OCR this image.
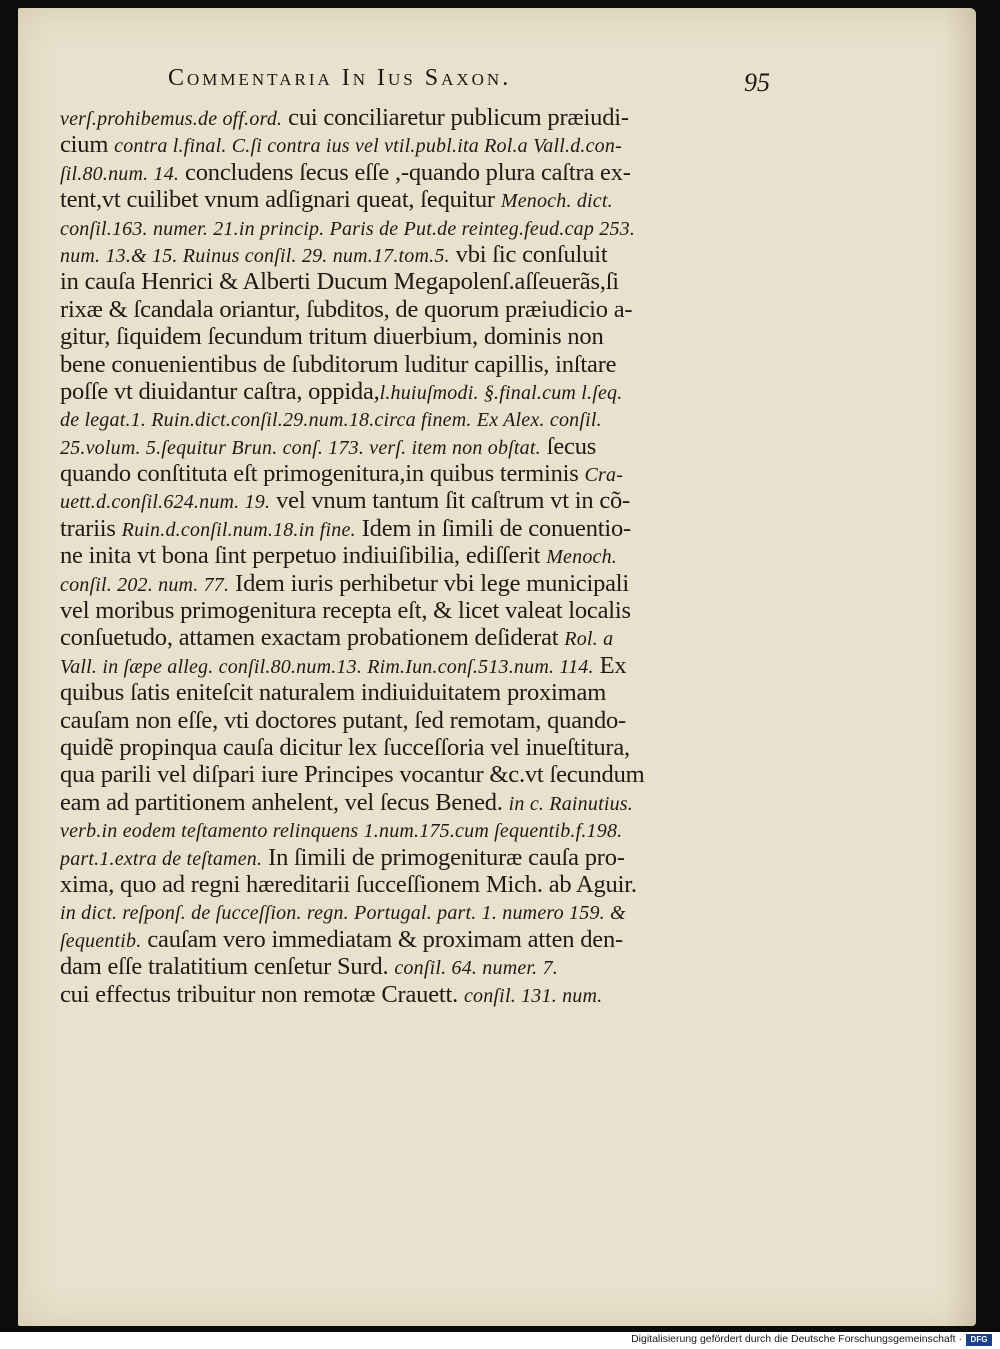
Commentaria In Ius Saxon.	95
verſ.prohibemus.de off.ord. cui conciliaretur publicum præiudi-
cium contra l.final. C.ſi contra ius vel vtil.publ.ita Rol.a Vall.d.con-
ſil.80.num. 14. concludens ſecus eſſe ,-quando plura caſtra ex-
tent,vt cuilibet vnum adſignari queat, ſequitur Menoch. dict.
conſil.163. numer. 21.in princip. Paris de Put.de reinteg.feud.cap 253.
num. 13.& 15. Ruinus conſil. 29. num.17.tom.5. vbi ſic conſuluit
in cauſa Henrici & Alberti Ducum Megapolenſ.aſſeuerãs,ſi
rixæ & ſcandala oriantur, ſubditos, de quorum præiudicio a-
gitur, ſiquidem ſecundum tritum diuerbium, dominis non
bene conuenientibus de ſubditorum luditur capillis, inſtare
poſſe vt diuidantur caſtra, oppida,l.huiuſmodi. §.final.cum l.ſeq.
de legat.1. Ruin.dict.conſil.29.num.18.circa finem. Ex Alex. conſil.
25.volum. 5.ſequitur Brun. conſ. 173. verſ. item non obſtat. ſecus
quando conſtituta eſt primogenitura,in quibus terminis Cra-
uett.d.conſil.624.num. 19. vel vnum tantum ſit caſtrum vt in cõ-
trariis Ruin.d.conſil.num.18.in fine. Idem in ſimili de conuentio-
ne inita vt bona ſint perpetuo indiuiſibilia, ediſſerit Menoch.
conſil. 202. num. 77. Idem iuris perhibetur vbi lege municipali
vel moribus primogenitura recepta eſt, & licet valeat localis
conſuetudo, attamen exactam probationem deſiderat Rol. a
Vall. in ſæpe alleg. conſil.80.num.13. Rim.Iun.conſ.513.num. 114. Ex
quibus ſatis eniteſcit naturalem indiuiduitatem proximam
cauſam non eſſe, vti doctores putant, ſed remotam, quando-
quidẽ propinqua cauſa dicitur lex ſucceſſoria vel inueſtitura,
qua parili vel diſpari iure Principes vocantur &c.vt ſecundum
eam ad partitionem anhelent, vel ſecus Bened. in c. Rainutius.
verb.in eodem teſtamento relinquens 1.num.175.cum ſequentib.f.198.
part.1.extra de teſtamen. In ſimili de primogenituræ cauſa pro-
xima, quo ad regni hæreditarii ſucceſſionem Mich. ab Aguir.
in dict. reſponſ. de ſucceſſion. regn. Portugal. part. 1. numero 159. &
ſequentib. cauſam vero immediatam & proximam atten den-
dam eſſe tralatitium cenſetur Surd. conſil. 64. numer. 7.
cui effectus tribuitur non remotæ Crauett. conſil. 131. num.
Digitalisierung gefördert durch die Deutsche Forschungsgemeinschaft ·	DFG
